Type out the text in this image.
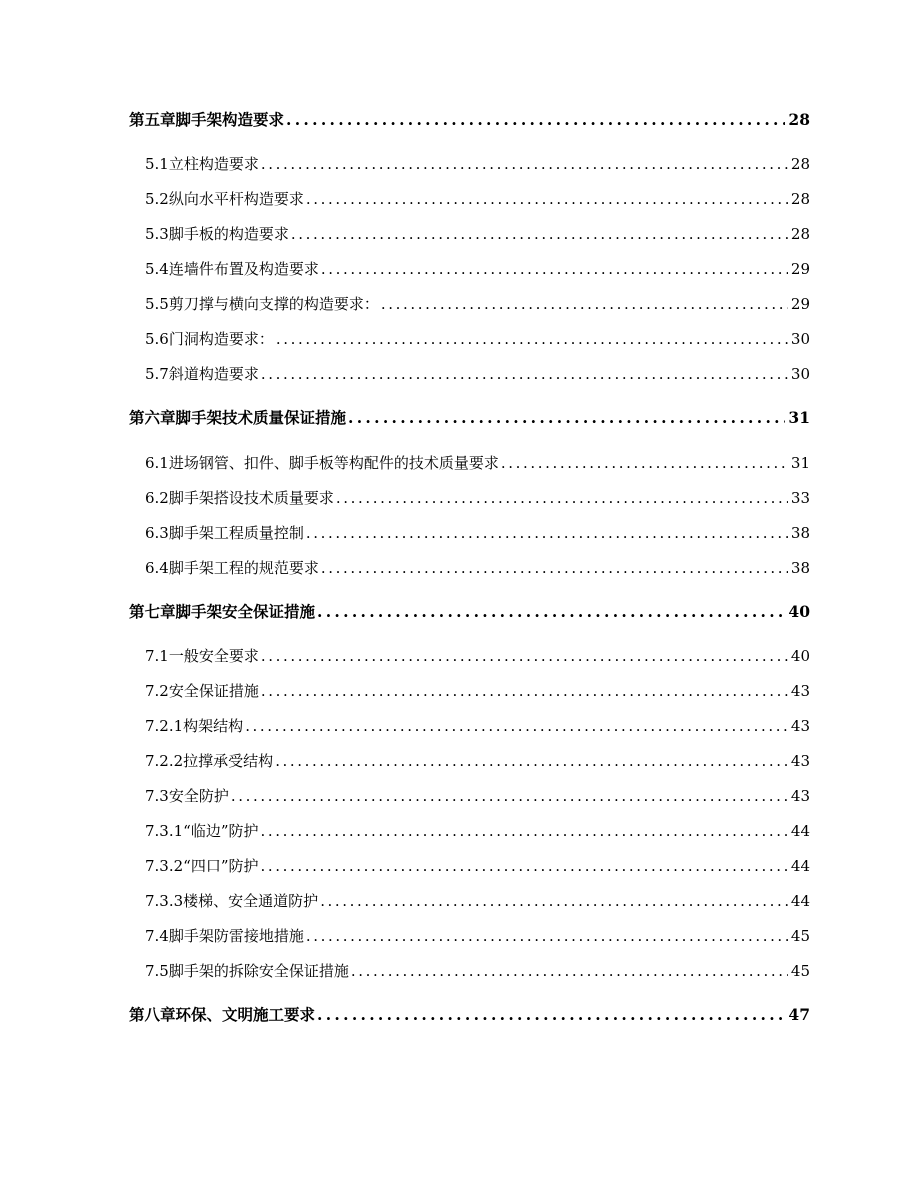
第五章 脚手架构造要求 .....	28
5.1 立柱构造要求 .....	28
5.2 纵向水平杆构造要求 .....	28
5.3 脚手板的构造要求 .....	28
5.4 连墙件布置及构造要求 .....	29
5.5 剪刀撑与横向支撑的构造要求： .....	29
5.6 门洞构造要求： .....	30
5.7 斜道构造要求 .....	30
第六章 脚手架技术质量保证措施 .....	31
6.1 进场钢管、扣件、脚手板等构配件的技术质量要求 .....	31
6.2 脚手架搭设技术质量要求 .....	33
6.3 脚手架工程质量控制 .....	38
6.4 脚手架工程的规范要求 .....	38
第七章 脚手架安全保证措施 .....	40
7.1 一般安全要求 .....	40
7.2 安全保证措施 .....	43
7.2.1 构架结构 .....	43
7.2.2 拉撑承受结构 .....	43
7.3 安全防护 .....	43
7.3.1 “临边”防护 .....	44
7.3.2 “四口”防护 .....	44
7.3.3 楼梯、安全通道防护 .....	44
7.4 脚手架防雷接地措施 .....	45
7.5 脚手架的拆除安全保证措施 .....	45
第八章 环保、文明施工要求 .....	47
